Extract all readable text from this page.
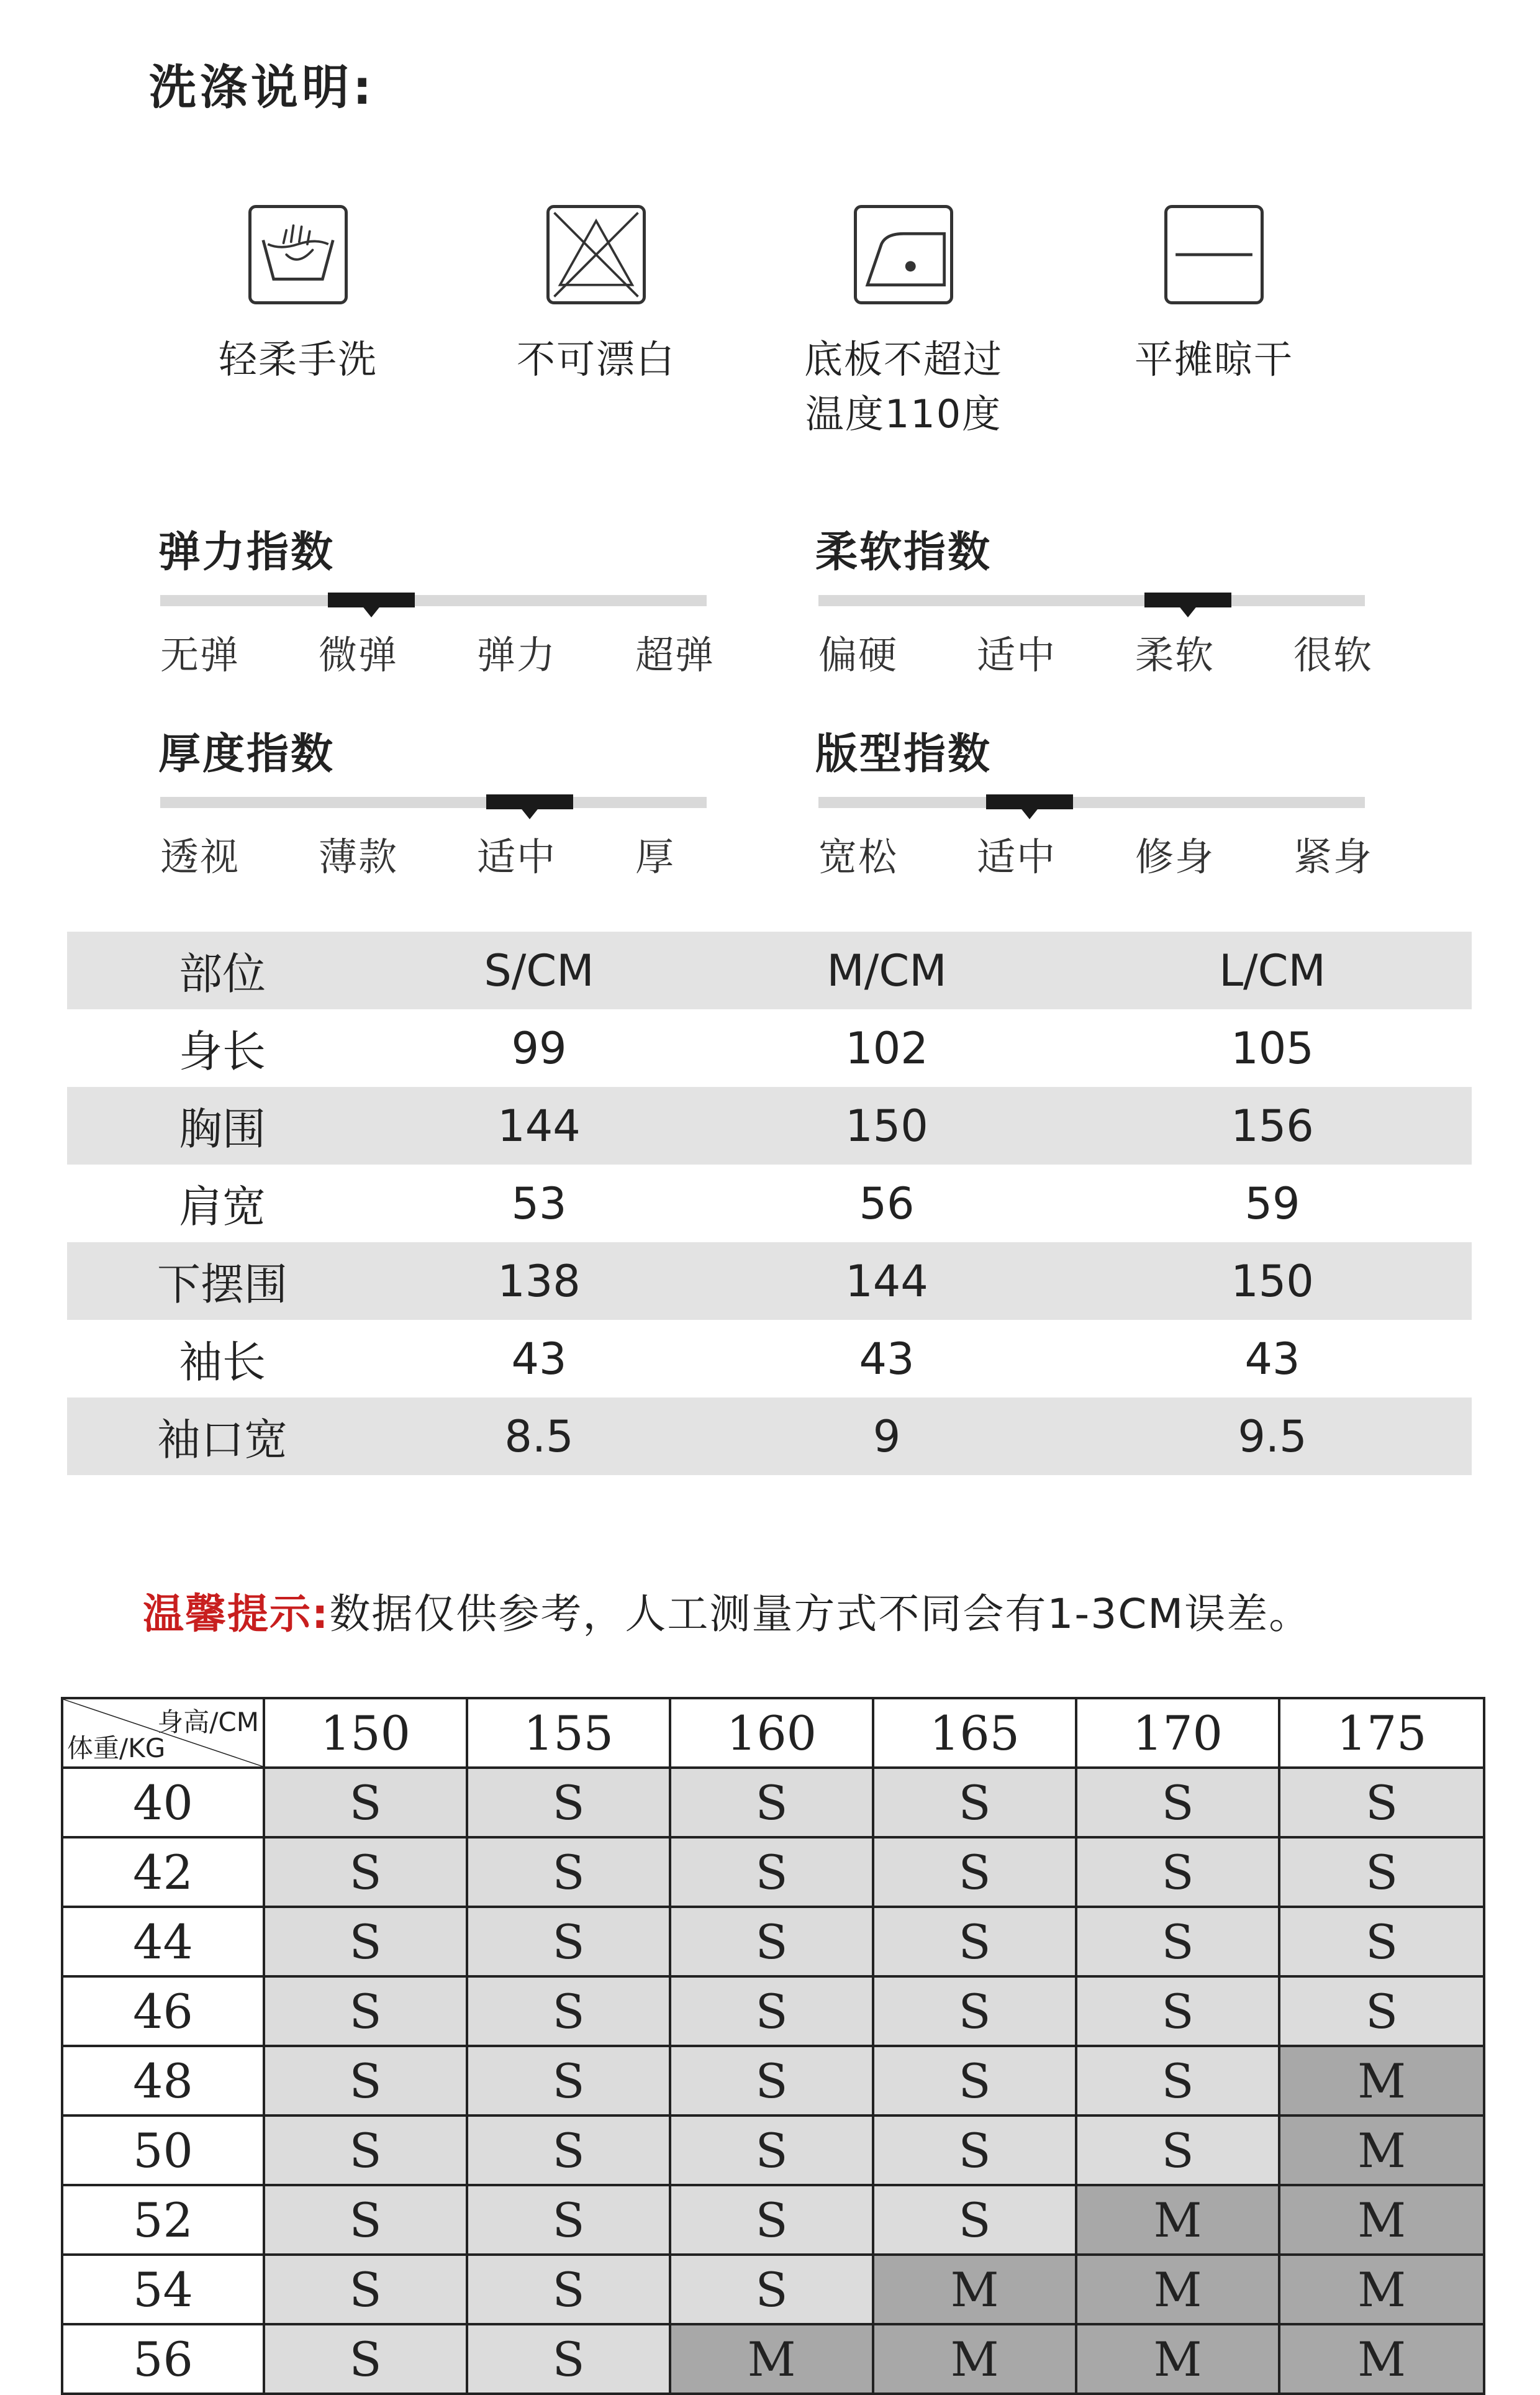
洗涤说明:
轻柔手洗	不可漂白	底板不超过
温度110度
平摊晾干
弹力指数
无弹 微弹 弹力 超弹
柔软指数
偏硬 适中 柔软 很软
厚度指数
透视 薄款 适中 厚
版型指数
宽松 适中 修身 紧身
部位	S/CM	M/CM	L/CM
身长	99	102	105
胸围	144	150	156
肩宽	53	56	59
下摆围	138	144	150
袖长	43	43	43
袖口宽	8.5	9	9.5
温馨提示:数据仅供参考，人工测量方式不同会有1-3CM误差。
身高/CM
体重/KG	150	155	160	165	170	175
40	S	S	S	S	S	S
42	S	S	S	S	S	S
44	S	S	S	S	S	S
46	S	S	S	S	S	S
48	S	S	S	S	S	M
50	S	S	S	S	S	M
52	S	S	S	S	M	M
54	S	S	S	M	M	M
56	S	S	M	M	M	M
